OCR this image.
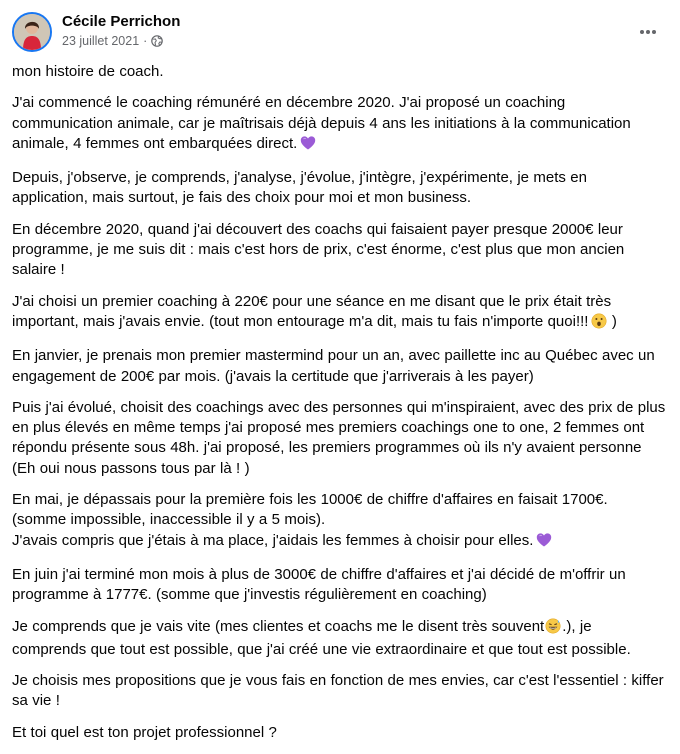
Cécile Perrichon
23 juillet 2021 ·

mon histoire de coach.

J'ai commencé le coaching rémunéré en décembre 2020. J'ai proposé un coaching communication animale, car je maîtrisais déjà depuis 4 ans les initiations à la communication animale, 4 femmes ont embarquées direct.

Depuis, j'observe, je comprends, j'analyse, j'évolue, j'intègre, j'expérimente, je mets en application, mais surtout, je fais des choix pour moi et mon business.

En décembre 2020, quand j'ai découvert des coachs qui faisaient payer presque 2000€ leur programme, je me suis dit : mais c'est hors de prix, c'est énorme, c'est plus que mon ancien salaire !

J'ai choisi un premier coaching à 220€ pour une séance en me disant que le prix était très important, mais j'avais envie. (tout mon entourage m'a dit, mais tu fais n'importe quoi!!! )

En janvier, je prenais mon premier mastermind pour un an, avec paillette inc au Québec avec un engagement de 200€ par mois. (j'avais la certitude que j'arriverais à les payer)

Puis j'ai évolué, choisit des coachings avec des personnes qui m'inspiraient, avec des prix de plus en plus élevés en même temps j'ai proposé mes premiers coachings one to one, 2 femmes ont répondu présente sous 48h. j'ai proposé, les premiers programmes où ils n'y avaient personne (Eh oui nous passons tous par là ! )

En mai, je dépassais pour la première fois les 1000€ de chiffre d'affaires en faisait 1700€. (somme impossible, inaccessible il y a 5 mois).

J'avais compris que j'étais à ma place, j'aidais les femmes à choisir pour elles.

En juin j'ai terminé mon mois à plus de 3000€ de chiffre d'affaires et j'ai décidé de m'offrir un programme à 1777€. (somme que j'investis régulièrement en coaching)

Je comprends que je vais vite (mes clientes et coachs me le disent très souvent .), je comprends que tout est possible, que j'ai créé une vie extraordinaire et que tout est possible.

Je choisis mes propositions que je vous fais en fonction de mes envies, car c'est l'essentiel : kiffer sa vie !

Et toi quel est ton projet professionnel ?
